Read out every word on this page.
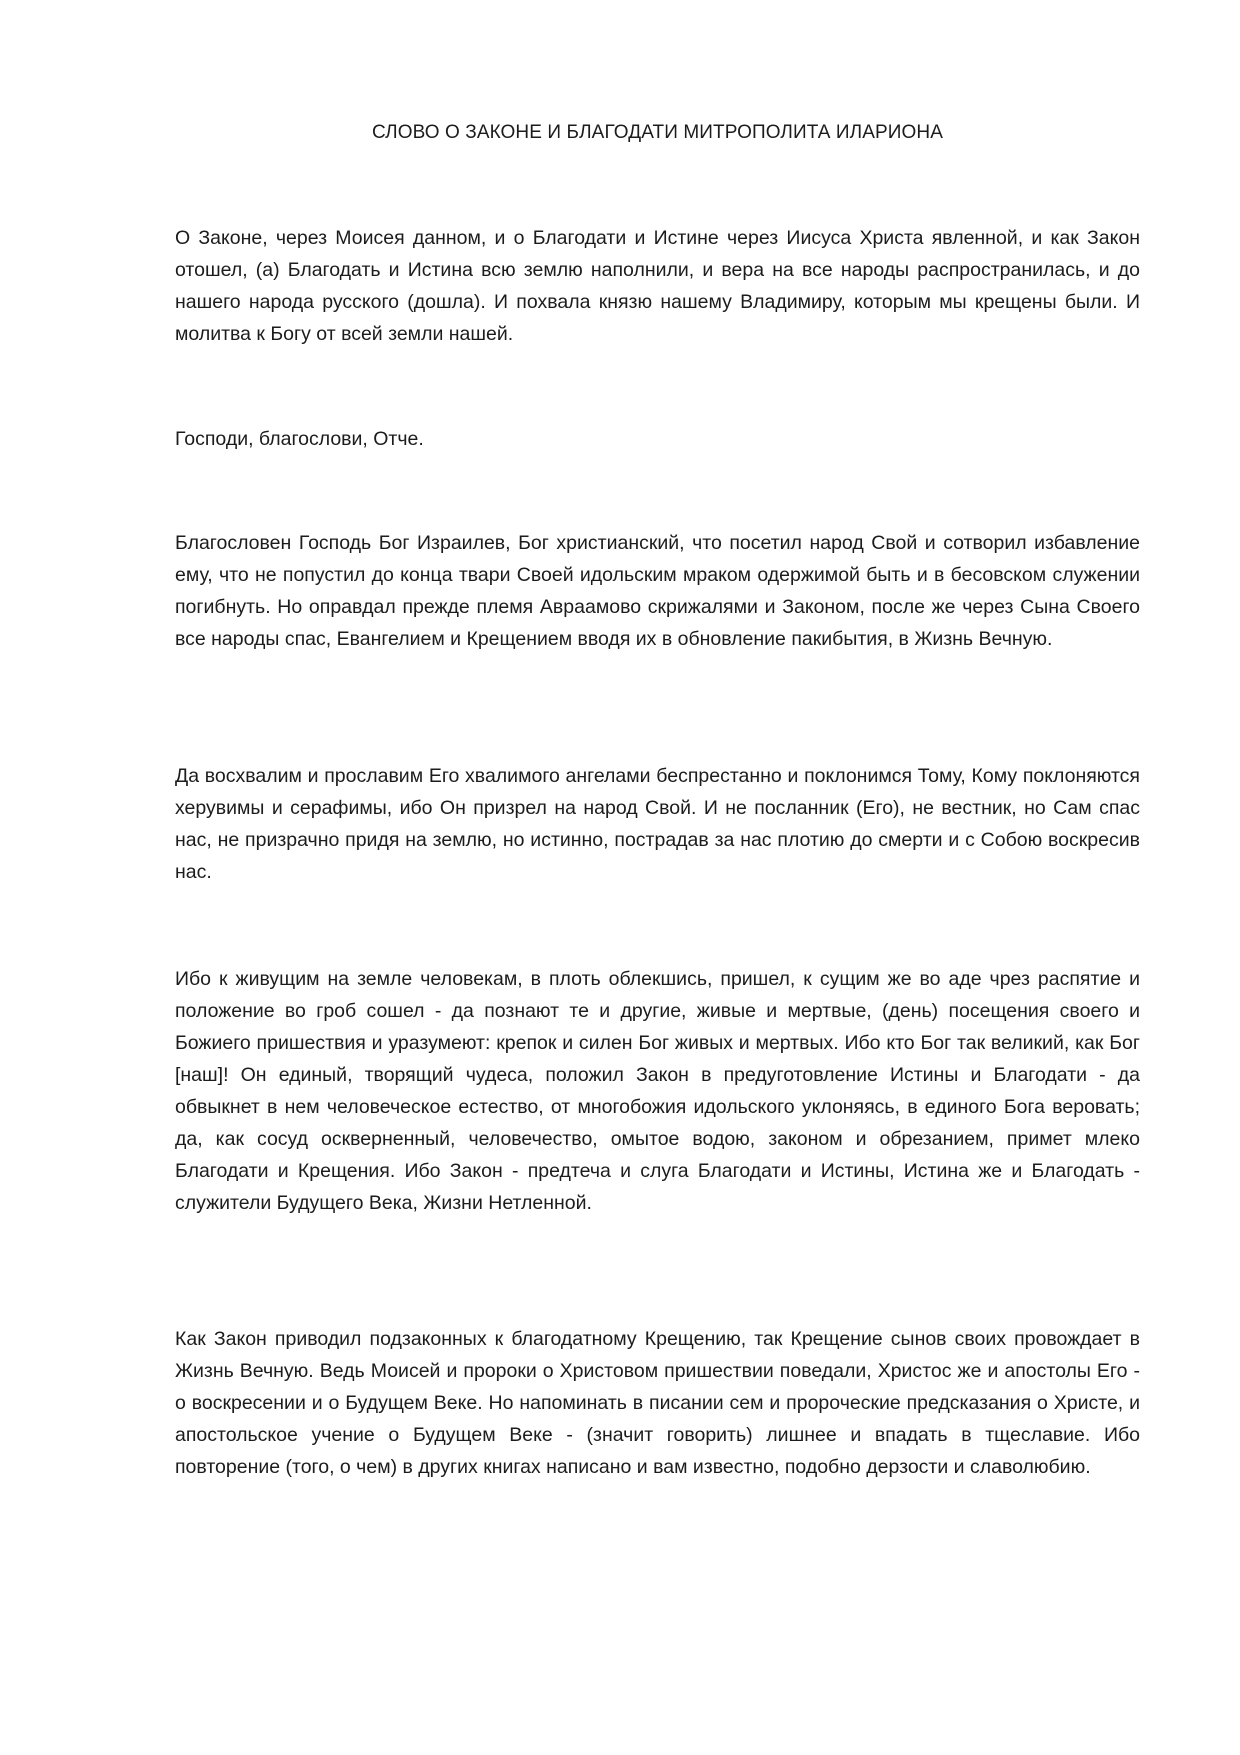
СЛОВО О ЗАКОНЕ И БЛАГОДАТИ МИТРОПОЛИТА ИЛАРИОНА

О Законе, через Моисея данном, и о Благодати и Истине через Иисуса Христа явленной, и как Закон отошел, (а) Благодать и Истина всю землю наполнили, и вера на все народы распространилась, и до нашего народа русского (дошла). И похвала князю нашему Владимиру, которым мы крещены были. И молитва к Богу от всей земли нашей.

Господи, благослови, Отче.

Благословен Господь Бог Израилев, Бог христианский, что посетил народ Свой и сотворил избавление ему, что не попустил до конца твари Своей идольским мраком одержимой быть и в бесовском служении погибнуть. Но оправдал прежде племя Авраамово скрижалями и Законом, после же через Сына Своего все народы спас, Евангелием и Крещением вводя их в обновление пакибытия, в Жизнь Вечную.

Да восхвалим и прославим Его хвалимого ангелами беспрестанно и поклонимся Тому, Кому поклоняются херувимы и серафимы, ибо Он призрел на народ Свой. И не посланник (Его), не вестник, но Сам спас нас, не призрачно придя на землю, но истинно, пострадав за нас плотию до смерти и с Собою воскресив нас.

Ибо к живущим на земле человекам, в плоть облекшись, пришел, к сущим же во аде чрез распятие и положение во гроб сошел - да познают те и другие, живые и мертвые, (день) посещения своего и Божиего пришествия и уразумеют: крепок и силен Бог живых и мертвых. Ибо кто Бог так великий, как Бог [наш]! Он единый, творящий чудеса, положил Закон в предуготовление Истины и Благодати - да обвыкнет в нем человеческое естество, от многобожия идольского уклоняясь, в единого Бога веровать; да, как сосуд оскверненный, человечество, омытое водою, законом и обрезанием, примет млеко Благодати и Крещения. Ибо Закон - предтеча и слуга Благодати и Истины, Истина же и Благодать - служители Будущего Века, Жизни Нетленной.

Как Закон приводил подзаконных к благодатному Крещению, так Крещение сынов своих провождает в Жизнь Вечную. Ведь Моисей и пророки о Христовом пришествии поведали, Христос же и апостолы Его - о воскресении и о Будущем Веке. Но напоминать в писании сем и пророческие предсказания о Христе, и апостольское учение о Будущем Веке - (значит говорить) лишнее и впадать в тщеславие. Ибо повторение (того, о чем) в других книгах написано и вам известно, подобно дерзости и славолюбию.
